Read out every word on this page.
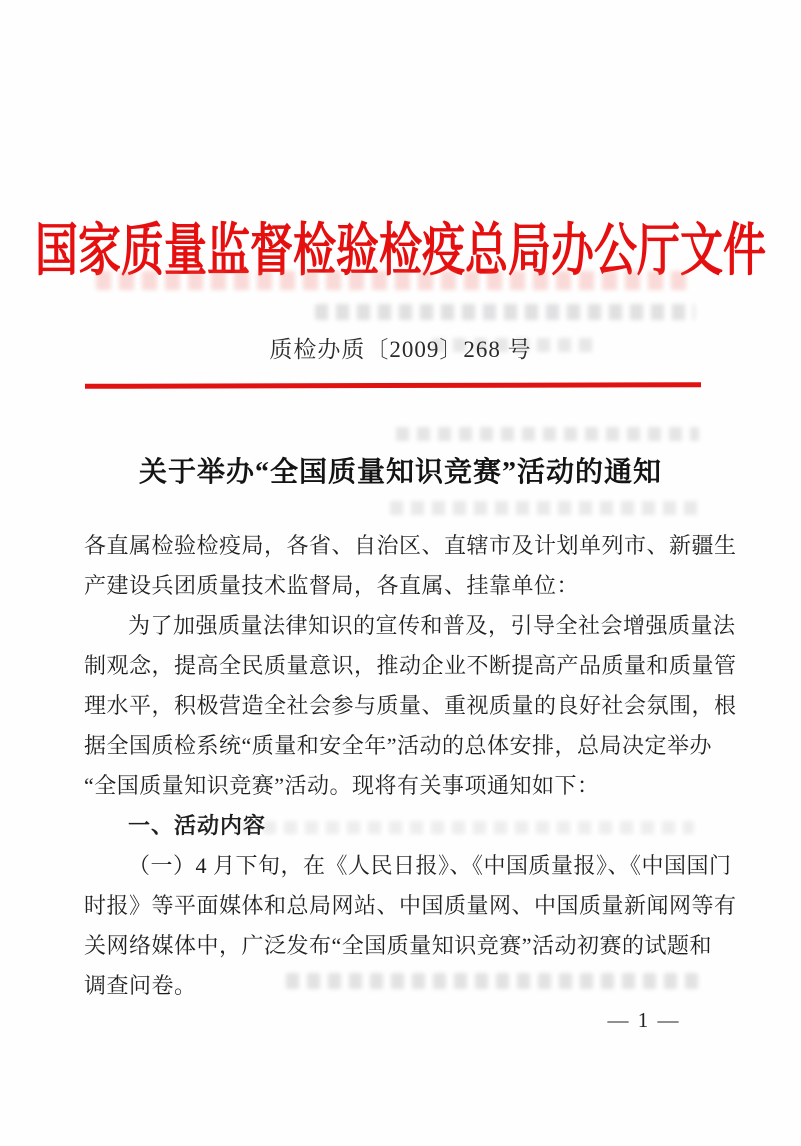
国家质量监督检验检疫总局办公厅文件
质检办质〔2009〕268 号
关于举办“全国质量知识竞赛”活动的通知
各直属检验检疫局，各省、自治区、直辖市及计划单列市、新疆生
产建设兵团质量技术监督局，各直属、挂靠单位：
为了加强质量法律知识的宣传和普及，引导全社会增强质量法
制观念，提高全民质量意识，推动企业不断提高产品质量和质量管
理水平，积极营造全社会参与质量、重视质量的良好社会氛围，根
据全国质检系统“质量和安全年”活动的总体安排，总局决定举办
“全国质量知识竞赛”活动。现将有关事项通知如下：
一、活动内容
（一）4 月下旬，在《人民日报》、《中国质量报》、《中国国门
时报》等平面媒体和总局网站、中国质量网、中国质量新闻网等有
关网络媒体中，广泛发布“全国质量知识竞赛”活动初赛的试题和
调查问卷。
— 1 —
